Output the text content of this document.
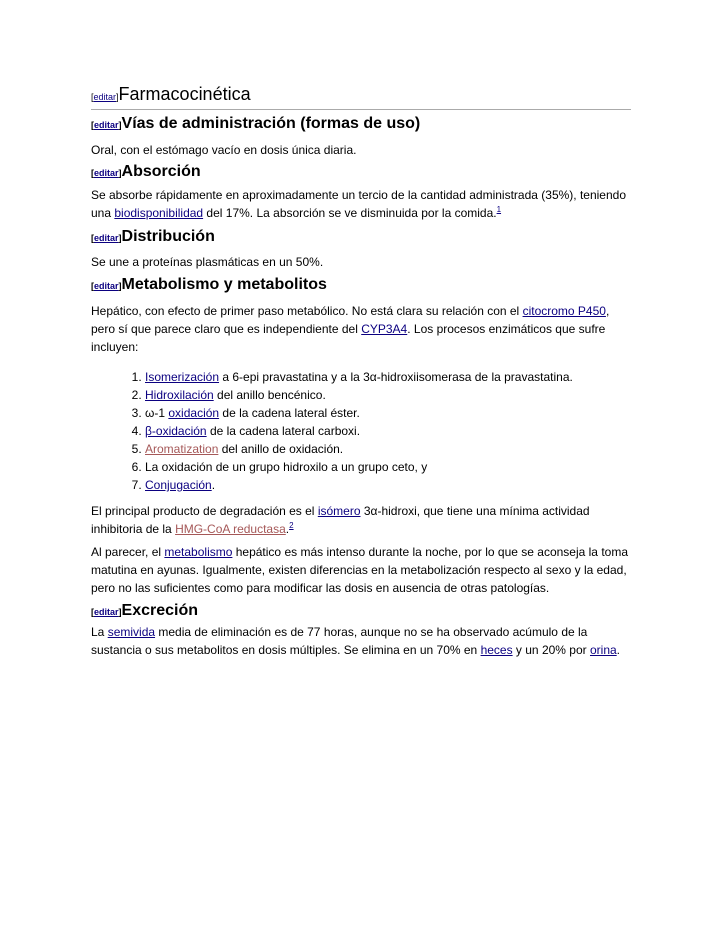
[editar]Farmacocinética
[editar]Vías de administración (formas de uso)
Oral, con el estómago vacío en dosis única diaria.
[editar]Absorción
Se absorbe rápidamente en aproximadamente un tercio de la cantidad administrada (35%), teniendo una biodisponibilidad del 17%. La absorción se ve disminuida por la comida.$^1$
[editar]Distribución
Se une a proteínas plasmáticas en un 50%.
[editar]Metabolismo y metabolitos
Hepático, con efecto de primer paso metabólico. No está clara su relación con el citocromo P450, pero sí que parece claro que es independiente del CYP3A4. Los procesos enzimáticos que sufre incluyen:
1. Isomerización a 6-epi pravastatina y a la 3α-hidroxiisomerasa de la pravastatina.
2. Hidroxilación del anillo bencénico.
3. ω-1 oxidación de la cadena lateral éster.
4. β-oxidación de la cadena lateral carboxi.
5. Aromatization del anillo de oxidación.
6. La oxidación de un grupo hidroxilo a un grupo ceto, y
7. Conjugación.
El principal producto de degradación es el isómero 3α-hidroxi, que tiene una mínima actividad inhibitoria de la HMG-CoA reductasa.$^2$
Al parecer, el metabolismo hepático es más intenso durante la noche, por lo que se aconseja la toma matutina en ayunas. Igualmente, existen diferencias en la metabolización respecto al sexo y la edad, pero no las suficientes como para modificar las dosis en ausencia de otras patologías.
[editar]Excreción
La semivida media de eliminación es de 77 horas, aunque no se ha observado acúmulo de la sustancia o sus metabolitos en dosis múltiples. Se elimina en un 70% en heces y un 20% por orina.
